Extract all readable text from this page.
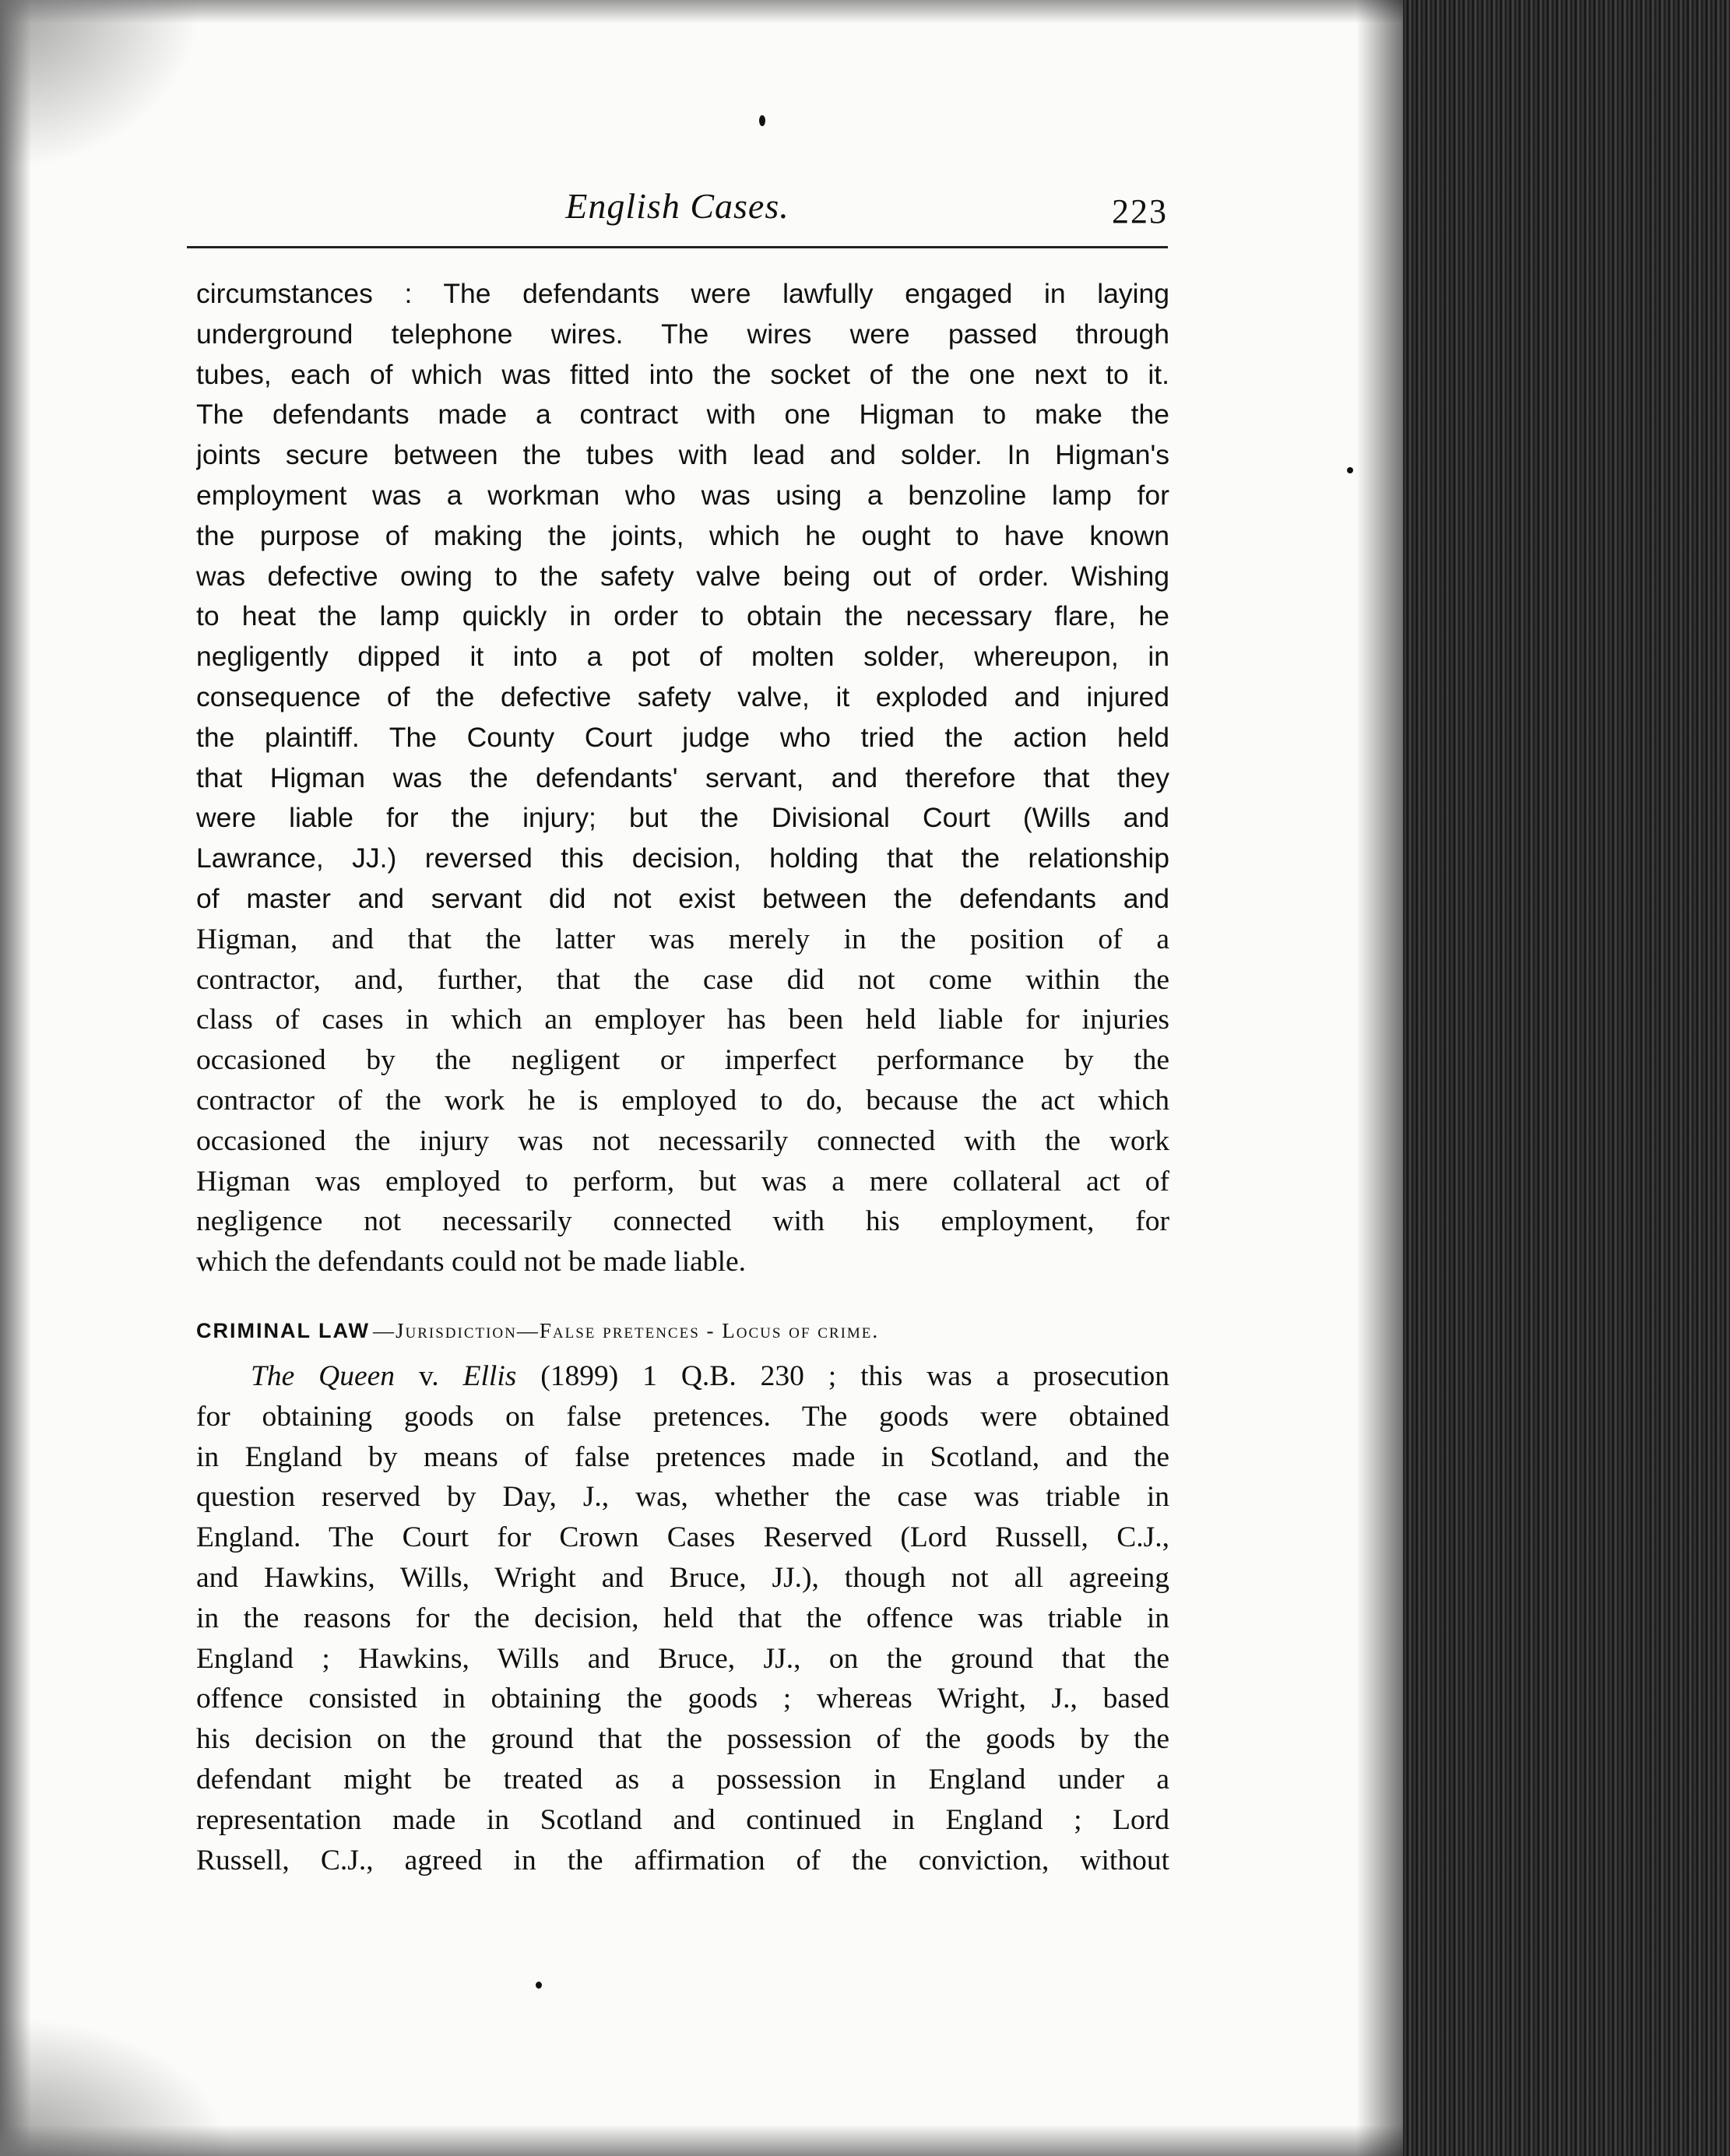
English Cases.	223
circumstances : The defendants were lawfully engaged in laying
underground telephone wires. The wires were passed through
tubes, each of which was fitted into the socket of the one next to it.
The defendants made a contract with one Higman to make the
joints secure between the tubes with lead and solder. In Higman's
employment was a workman who was using a benzoline lamp for
the purpose of making the joints, which he ought to have known
was defective owing to the safety valve being out of order. Wishing
to heat the lamp quickly in order to obtain the necessary flare, he
negligently dipped it into a pot of molten solder, whereupon, in
consequence of the defective safety valve, it exploded and injured
the plaintiff. The County Court judge who tried the action held
that Higman was the defendants' servant, and therefore that they
were liable for the injury; but the Divisional Court (Wills and
Lawrance, JJ.) reversed this decision, holding that the relationship
of master and servant did not exist between the defendants and
Higman, and that the latter was merely in the position of a
contractor, and, further, that the case did not come within the
class of cases in which an employer has been held liable for injuries
occasioned by the negligent or imperfect performance by the
contractor of the work he is employed to do, because the act which
occasioned the injury was not necessarily connected with the work
Higman was employed to perform, but was a mere collateral act of
negligence not necessarily connected with his employment, for
which the defendants could not be made liable.
CRIMINAL LAW —Jurisdiction—False pretences - Locus of crime.
The Queen v. Ellis (1899) 1 Q.B. 230 ; this was a prosecution
for obtaining goods on false pretences. The goods were obtained
in England by means of false pretences made in Scotland, and the
question reserved by Day, J., was, whether the case was triable in
England. The Court for Crown Cases Reserved (Lord Russell, C.J.,
and Hawkins, Wills, Wright and Bruce, JJ.), though not all agreeing
in the reasons for the decision, held that the offence was triable in
England ; Hawkins, Wills and Bruce, JJ., on the ground that the
offence consisted in obtaining the goods ; whereas Wright, J., based
his decision on the ground that the possession of the goods by the
defendant might be treated as a possession in England under a
representation made in Scotland and continued in England ; Lord
Russell, C.J., agreed in the affirmation of the conviction, without
